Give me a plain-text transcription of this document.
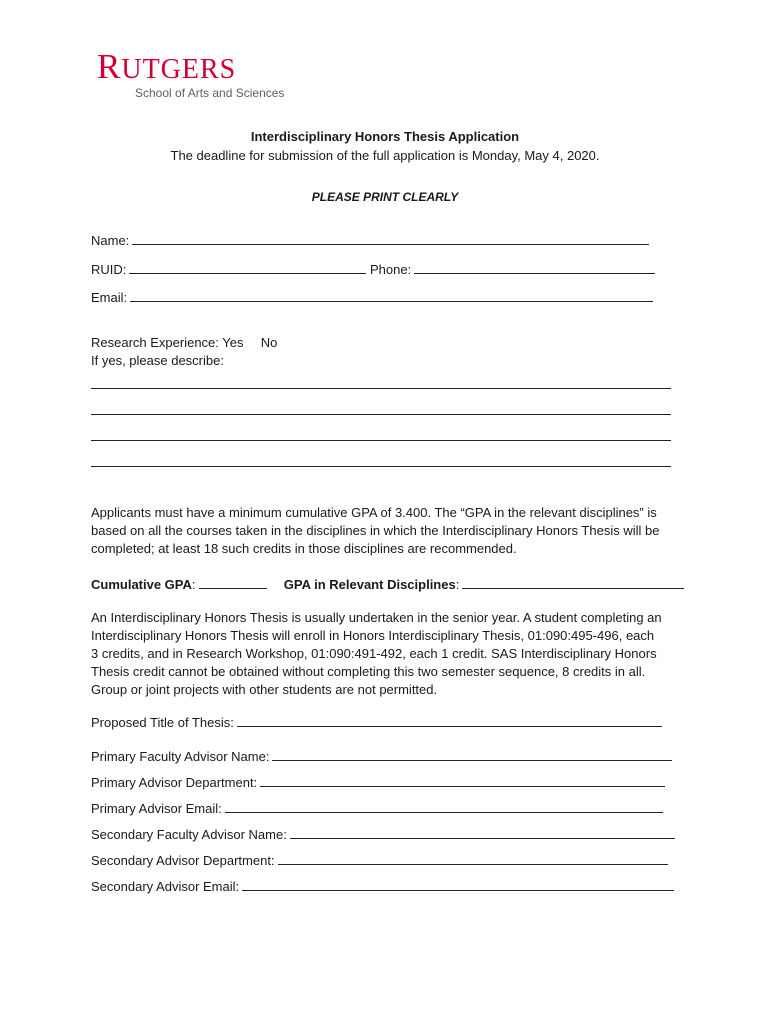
RUTGERS
School of Arts and Sciences
Interdisciplinary Honors Thesis Application
The deadline for submission of the full application is Monday, May 4, 2020.
PLEASE PRINT CLEARLY
Name:
RUID:	Phone:
Email:
Research Experience: Yes No
If yes, please describe:
Applicants must have a minimum cumulative GPA of 3.400. The “GPA in the relevant disciplines” is based on all the courses taken in the disciplines in which the Interdisciplinary Honors Thesis will be completed; at least 18 such credits in those disciplines are recommended.
Cumulative GPA:	GPA in Relevant Disciplines:
An Interdisciplinary Honors Thesis is usually undertaken in the senior year. A student completing an Interdisciplinary Honors Thesis will enroll in Honors Interdisciplinary Thesis, 01:090:495-496, each 3 credits, and in Research Workshop, 01:090:491-492, each 1 credit. SAS Interdisciplinary Honors Thesis credit cannot be obtained without completing this two semester sequence, 8 credits in all. Group or joint projects with other students are not permitted.
Proposed Title of Thesis:
Primary Faculty Advisor Name:
Primary Advisor Department:
Primary Advisor Email:
Secondary Faculty Advisor Name:
Secondary Advisor Department:
Secondary Advisor Email:
